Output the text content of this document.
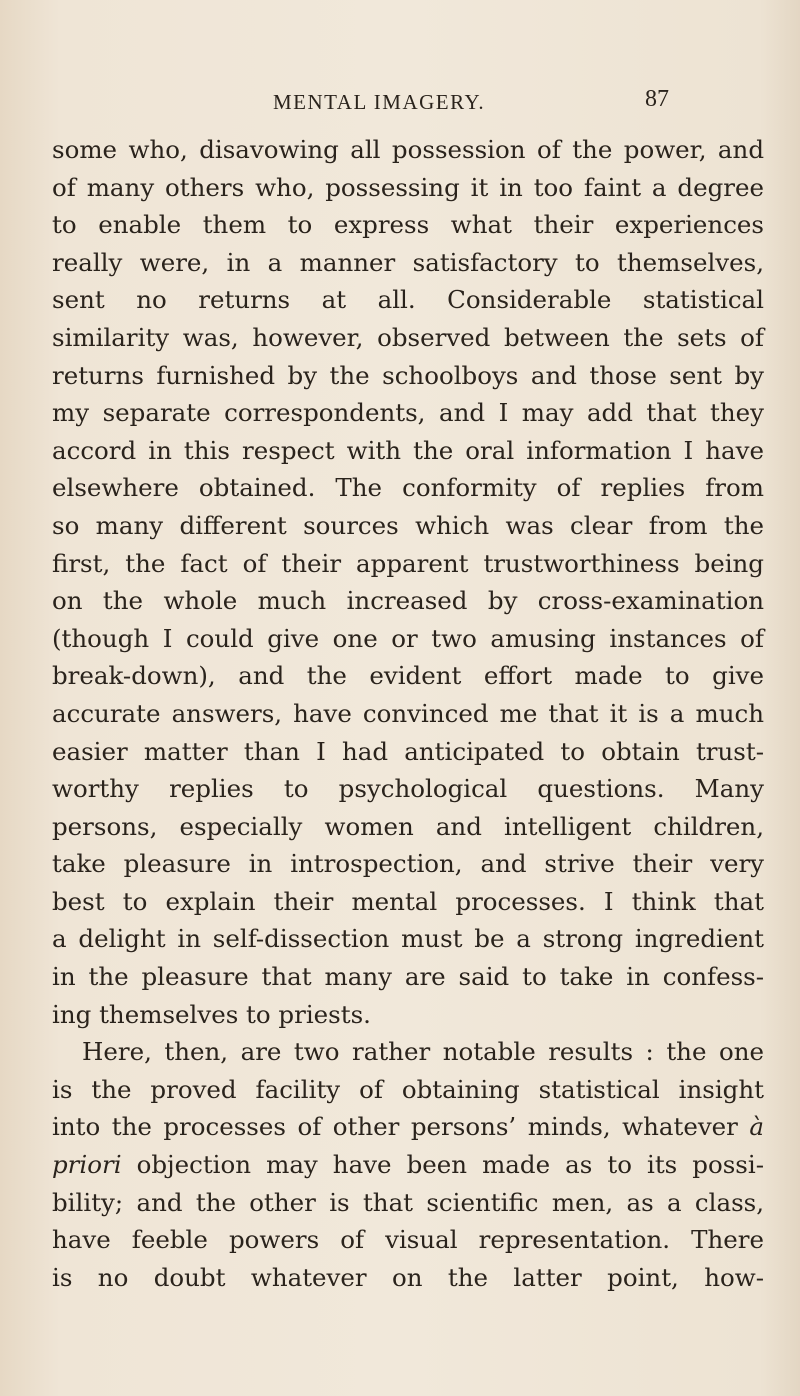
MENTAL IMAGERY.	87
some who, disavowing all possession of the power, and
of many others who, possessing it in too faint a degree
to enable them to express what their experiences
really were, in a manner satisfactory to themselves,
sent no returns at all. Considerable statistical
similarity was, however, observed between the sets of
returns furnished by the schoolboys and those sent by
my separate correspondents, and I may add that they
accord in this respect with the oral information I have
elsewhere obtained. The conformity of replies from
so many different sources which was clear from the
first, the fact of their apparent trustworthiness being
on the whole much increased by cross-examination
(though I could give one or two amusing instances of
break-down), and the evident effort made to give
accurate answers, have convinced me that it is a much
easier matter than I had anticipated to obtain trust-
worthy replies to psychological questions. Many
persons, especially women and intelligent children,
take pleasure in introspection, and strive their very
best to explain their mental processes. I think that
a delight in self-dissection must be a strong ingredient
in the pleasure that many are said to take in confess-
ing themselves to priests.
Here, then, are two rather notable results : the one
is the proved facility of obtaining statistical insight
into the processes of other persons’ minds, whatever à
priori objection may have been made as to its possi-
bility; and the other is that scientific men, as a class,
have feeble powers of visual representation. There
is no doubt whatever on the latter point, how-
